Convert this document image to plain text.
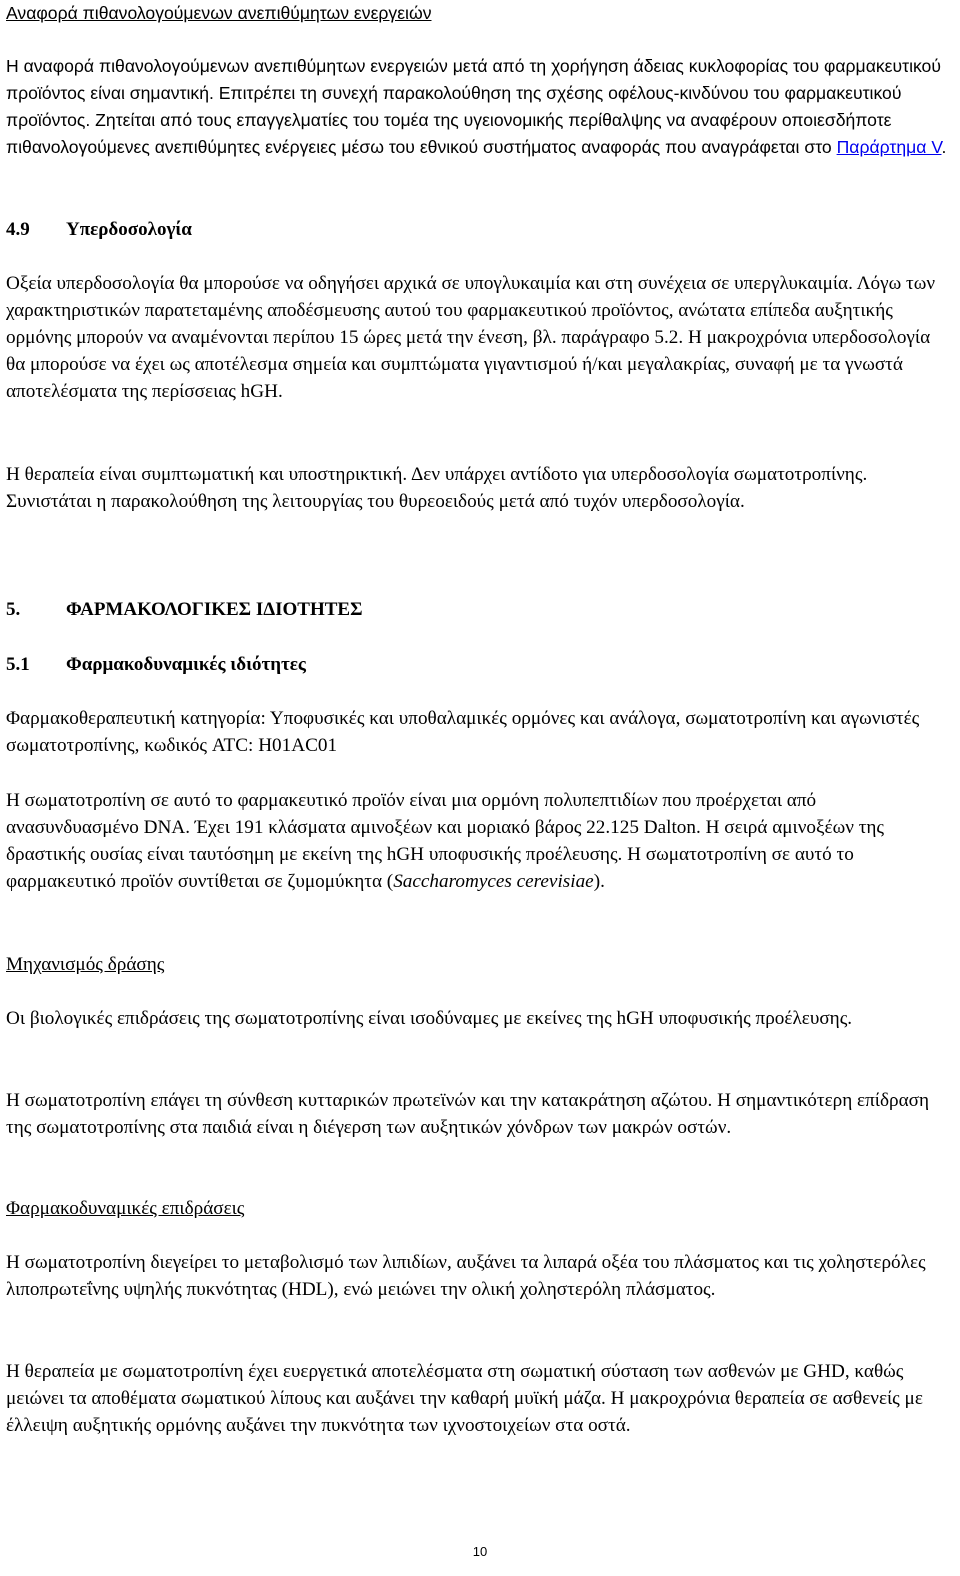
Αναφορά πιθανολογούμενων ανεπιθύμητων ενεργειών
Η αναφορά πιθανολογούμενων ανεπιθύμητων ενεργειών μετά από τη χορήγηση άδειας κυκλοφορίας του φαρμακευτικού προϊόντος είναι σημαντική. Επιτρέπει τη συνεχή παρακολούθηση της σχέσης οφέλους-κινδύνου του φαρμακευτικού προϊόντος. Ζητείται από τους επαγγελματίες του τομέα της υγειονομικής περίθαλψης να αναφέρουν οποιεσδήποτε πιθανολογούμενες ανεπιθύμητες ενέργειες μέσω του εθνικού συστήματος αναφοράς που αναγράφεται στο Παράρτημα V.
4.9 Υπερδοσολογία
Οξεία υπερδοσολογία θα μπορούσε να οδηγήσει αρχικά σε υπογλυκαιμία και στη συνέχεια σε υπεργλυκαιμία. Λόγω των χαρακτηριστικών παρατεταμένης αποδέσμευσης αυτού του φαρμακευτικού προϊόντος, ανώτατα επίπεδα αυξητικής ορμόνης μπορούν να αναμένονται περίπου 15 ώρες μετά την ένεση, βλ. παράγραφο 5.2. Η μακροχρόνια υπερδοσολογία θα μπορούσε να έχει ως αποτέλεσμα σημεία και συμπτώματα γιγαντισμού ή/και μεγαλακρίας, συναφή με τα γνωστά αποτελέσματα της περίσσειας hGH.
Η θεραπεία είναι συμπτωματική και υποστηρικτική. Δεν υπάρχει αντίδοτο για υπερδοσολογία σωματοτροπίνης. Συνιστάται η παρακολούθηση της λειτουργίας του θυρεοειδούς μετά από τυχόν υπερδοσολογία.
5. ΦΑΡΜΑΚΟΛΟΓΙΚΕΣ ΙΔΙΟΤΗΤΕΣ
5.1 Φαρμακοδυναμικές ιδιότητες
Φαρμακοθεραπευτική κατηγορία: Υποφυσικές και υποθαλαμικές ορμόνες και ανάλογα, σωματοτροπίνη και αγωνιστές σωματοτροπίνης, κωδικός ATC: H01AC01
Η σωματοτροπίνη σε αυτό το φαρμακευτικό προϊόν είναι μια ορμόνη πολυπεπτιδίων που προέρχεται από ανασυνδυασμένο DNA. Έχει 191 κλάσματα αμινοξέων και μοριακό βάρος 22.125 Dalton. Η σειρά αμινοξέων της δραστικής ουσίας είναι ταυτόσημη με εκείνη της hGH υποφυσικής προέλευσης. Η σωματοτροπίνη σε αυτό το φαρμακευτικό προϊόν συντίθεται σε ζυμομύκητα (Saccharomyces cerevisiae).
Μηχανισμός δράσης
Οι βιολογικές επιδράσεις της σωματοτροπίνης είναι ισοδύναμες με εκείνες της hGH υποφυσικής προέλευσης.
Η σωματοτροπίνη επάγει τη σύνθεση κυτταρικών πρωτεϊνών και την κατακράτηση αζώτου. Η σημαντικότερη επίδραση της σωματοτροπίνης στα παιδιά είναι η διέγερση των αυξητικών χόνδρων των μακρών οστών.
Φαρμακοδυναμικές επιδράσεις
Η σωματοτροπίνη διεγείρει το μεταβολισμό των λιπιδίων, αυξάνει τα λιπαρά οξέα του πλάσματος και τις χοληστερόλες λιποπρωτεΐνης υψηλής πυκνότητας (HDL), ενώ μειώνει την ολική χοληστερόλη πλάσματος.
Η θεραπεία με σωματοτροπίνη έχει ευεργετικά αποτελέσματα στη σωματική σύσταση των ασθενών με GHD, καθώς μειώνει τα αποθέματα σωματικού λίπους και αυξάνει την καθαρή μυϊκή μάζα. Η μακροχρόνια θεραπεία σε ασθενείς με έλλειψη αυξητικής ορμόνης αυξάνει την πυκνότητα των ιχνοστοιχείων στα οστά.
10
